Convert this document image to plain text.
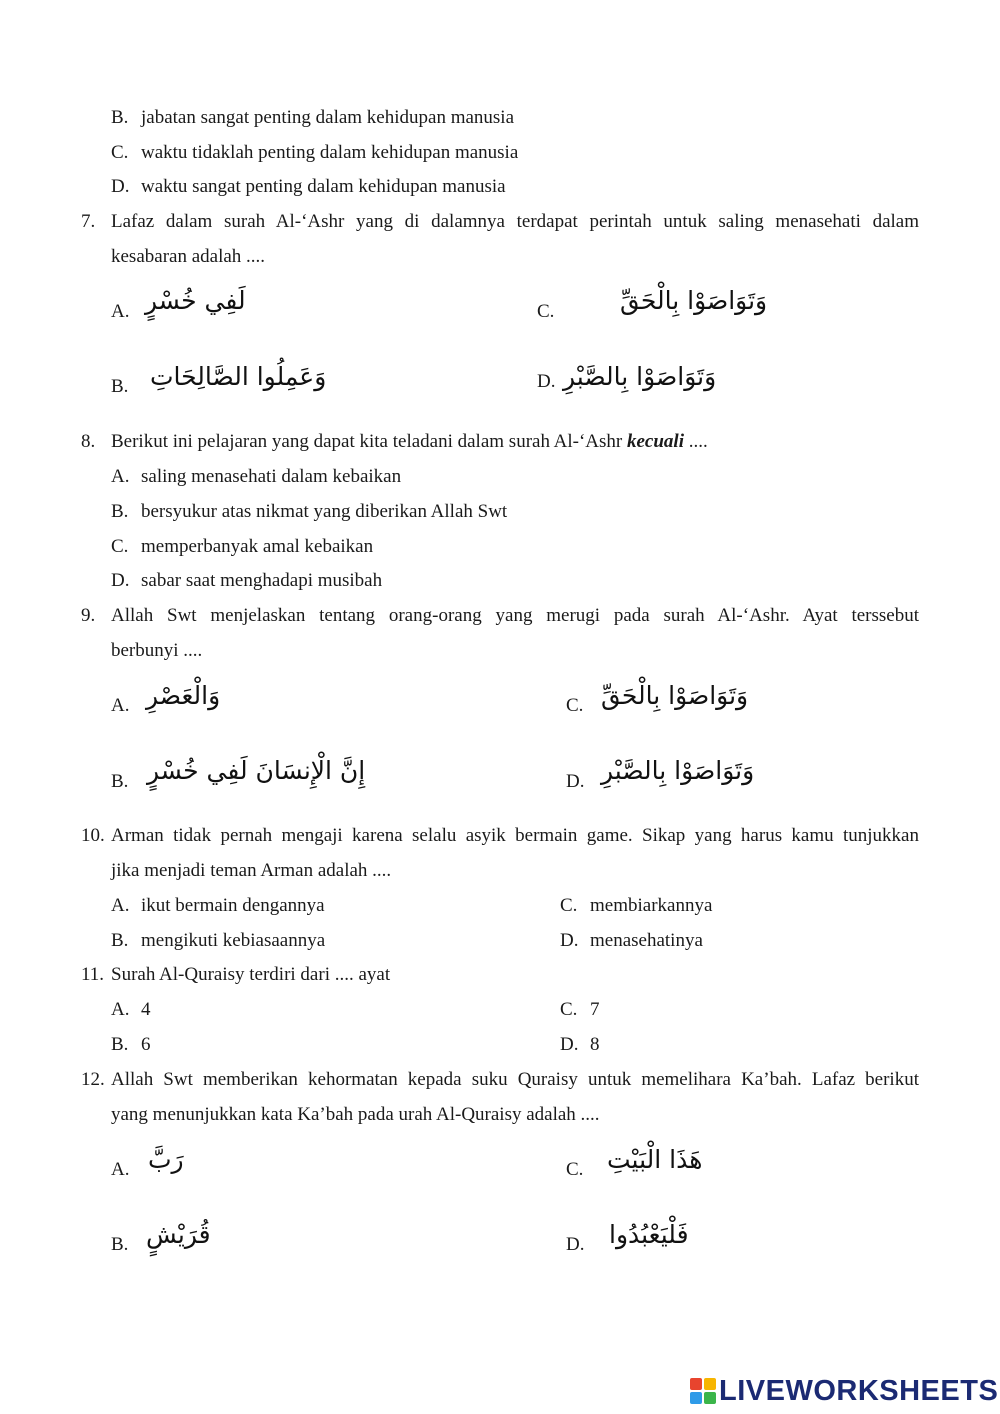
B. jabatan sangat penting dalam kehidupan manusia
C. waktu tidaklah penting dalam kehidupan manusia
D. waktu sangat penting dalam kehidupan manusia
7. Lafaz dalam surah Al-‘Ashr yang di dalamnya terdapat perintah untuk saling menasehati dalam
kesabaran adalah ....
A. لَفِي خُسْرٍ	C.	وَتَوَاصَوْا بِالْحَقِّ
B. وَعَمِلُوا الصَّالِحَاتِ	D. وَتَوَاصَوْا بِالصَّبْرِ
8. Berikut ini pelajaran yang dapat kita teladani dalam surah Al-‘Ashr kecuali ....
A. saling menasehati dalam kebaikan
B. bersyukur atas nikmat yang diberikan Allah Swt
C. memperbanyak amal kebaikan
D. sabar saat menghadapi musibah
9. Allah Swt menjelaskan tentang orang-orang yang merugi pada surah Al-‘Ashr. Ayat terssebut
berbunyi ....
A. وَالْعَصْرِ	C. وَتَوَاصَوْا بِالْحَقِّ
B. إِنَّ الْإِنسَانَ لَفِي خُسْرٍ	D. وَتَوَاصَوْا بِالصَّبْرِ
10. Arman tidak pernah mengaji karena selalu asyik bermain game. Sikap yang harus kamu tunjukkan
jika menjadi teman Arman adalah ....
A. ikut bermain dengannya	C. membiarkannya
B. mengikuti kebiasaannya	D. menasehatinya
11. Surah Al-Quraisy terdiri dari .... ayat
A. 4	C. 7
B. 6	D. 8
12. Allah Swt memberikan kehormatan kepada suku Quraisy untuk memelihara Ka’bah. Lafaz berikut
yang menunjukkan kata Ka’bah pada urah Al-Quraisy adalah ....
A. رَبَّ	C. هَذَا الْبَيْتِ
B. قُرَيْشٍ	D. فَلْيَعْبُدُوا
LIVEWORKSHEETS
